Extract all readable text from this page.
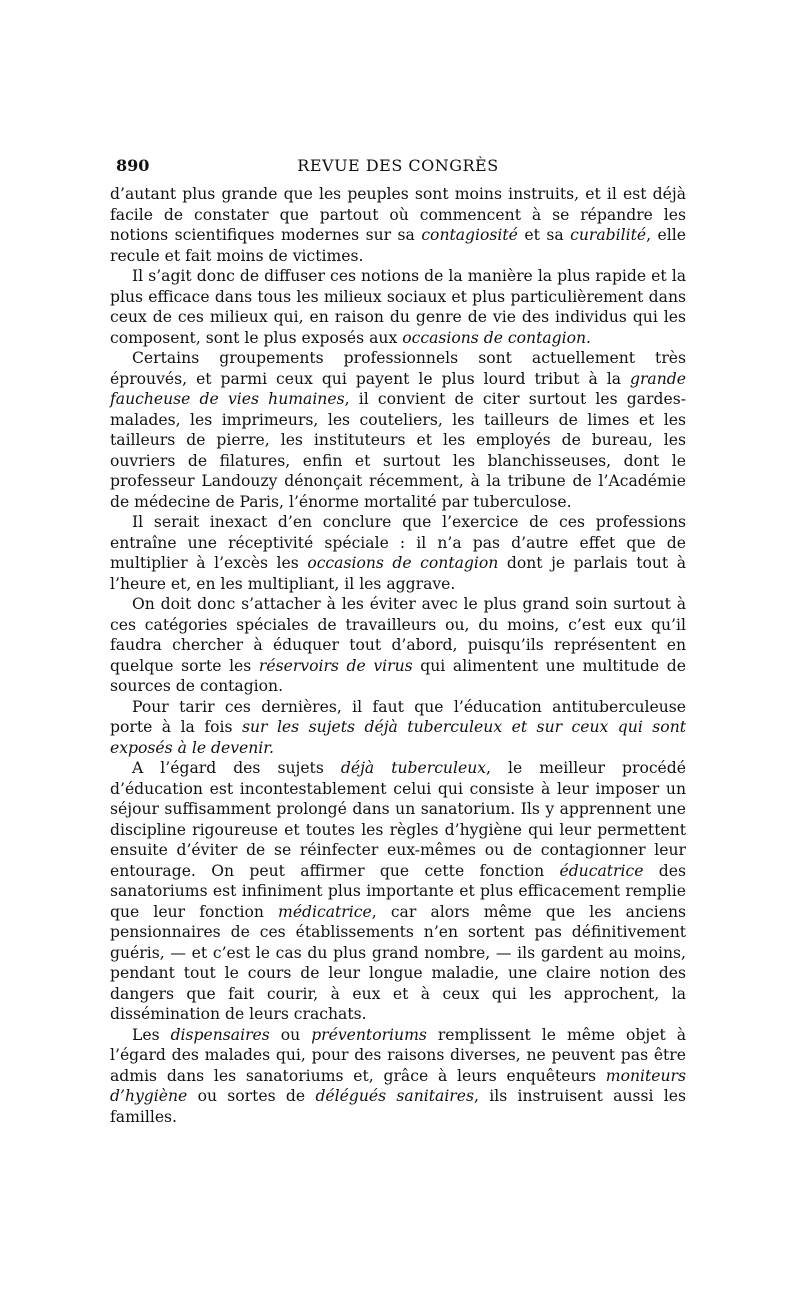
890	REVUE DES CONGRÈS

d’autant plus grande que les peuples sont moins instruits, et il est déjà facile de constater que partout où commencent à se répandre les notions scientifiques modernes sur sa contagiosité et sa curabilité, elle recule et fait moins de victimes.

Il s’agit donc de diffuser ces notions de la manière la plus rapide et la plus efficace dans tous les milieux sociaux et plus particulièrement dans ceux de ces milieux qui, en raison du genre de vie des individus qui les composent, sont le plus exposés aux occasions de contagion.

Certains groupements professionnels sont actuellement très éprouvés, et parmi ceux qui payent le plus lourd tribut à la grande faucheuse de vies humaines, il convient de citer surtout les gardes-malades, les imprimeurs, les couteliers, les tailleurs de limes et les tailleurs de pierre, les instituteurs et les employés de bureau, les ouvriers de filatures, enfin et surtout les blanchisseuses, dont le professeur Landouzy dénonçait récemment, à la tribune de l’Académie de médecine de Paris, l’énorme mortalité par tuberculose.

Il serait inexact d’en conclure que l’exercice de ces professions entraîne une réceptivité spéciale : il n’a pas d’autre effet que de multiplier à l’excès les occasions de contagion dont je parlais tout à l’heure et, en les multipliant, il les aggrave.

On doit donc s’attacher à les éviter avec le plus grand soin surtout à ces catégories spéciales de travailleurs ou, du moins, c’est eux qu’il faudra chercher à éduquer tout d’abord, puisqu’ils représentent en quelque sorte les réservoirs de virus qui alimentent une multitude de sources de contagion.

Pour tarir ces dernières, il faut que l’éducation antituberculeuse porte à la fois sur les sujets déjà tuberculeux et sur ceux qui sont exposés à le devenir.

A l’égard des sujets déjà tuberculeux, le meilleur procédé d’éducation est incontestablement celui qui consiste à leur imposer un séjour suffisamment prolongé dans un sanatorium. Ils y apprennent une discipline rigoureuse et toutes les règles d’hygiène qui leur permettent ensuite d’éviter de se réinfecter eux-mêmes ou de contagionner leur entourage. On peut affirmer que cette fonction éducatrice des sanatoriums est infiniment plus importante et plus efficacement remplie que leur fonction médicatrice, car alors même que les anciens pensionnaires de ces établissements n’en sortent pas définitivement guéris, — et c’est le cas du plus grand nombre, — ils gardent au moins, pendant tout le cours de leur longue maladie, une claire notion des dangers que fait courir, à eux et à ceux qui les approchent, la dissémination de leurs crachats.

Les dispensaires ou préventoriums remplissent le même objet à l’égard des malades qui, pour des raisons diverses, ne peuvent pas être admis dans les sanatoriums et, grâce à leurs enquêteurs moniteurs d’hygiène ou sortes de délégués sanitaires, ils instruisent aussi les familles.
